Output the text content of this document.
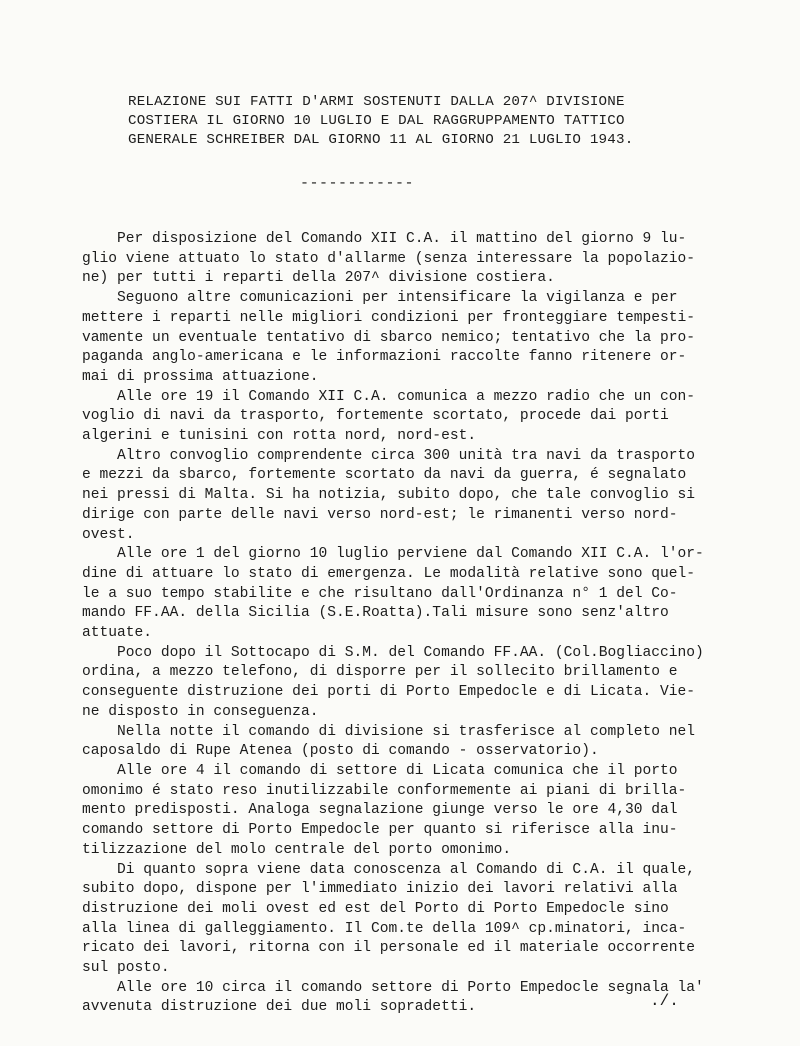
RELAZIONE SUI FATTI D'ARMI SOSTENUTI DALLA 207^ DIVISIONE
COSTIERA IL GIORNO 10 LUGLIO E DAL RAGGRUPPAMENTO TATTICO
GENERALE SCHREIBER DAL GIORNO 11 AL GIORNO 21 LUGLIO 1943.
------------
Per disposizione del Comando XII C.A. il mattino del giorno 9 lu-
glio viene attuato lo stato d'allarme (senza interessare la popolazio-
ne) per tutti i reparti della 207^ divisione costiera.
Seguono altre comunicazioni per intensificare la vigilanza e per
mettere i reparti nelle migliori condizioni per fronteggiare tempesti-
vamente un eventuale tentativo di sbarco nemico; tentativo che la pro-
paganda anglo-americana e le informazioni raccolte fanno ritenere or-
mai di prossima attuazione.
Alle ore 19 il Comando XII C.A. comunica a mezzo radio che un con-
voglio di navi da trasporto, fortemente scortato, procede dai porti
algerini e tunisini con rotta nord, nord-est.
Altro convoglio comprendente circa 300 unità tra navi da trasporto
e mezzi da sbarco, fortemente scortato da navi da guerra, é segnalato
nei pressi di Malta. Si ha notizia, subito dopo, che tale convoglio si
dirige con parte delle navi verso nord-est; le rimanenti verso nord-
ovest.
Alle ore 1 del giorno 10 luglio perviene dal Comando XII C.A. l'or-
dine di attuare lo stato di emergenza. Le modalità relative sono quel-
le a suo tempo stabilite e che risultano dall'Ordinanza n° 1 del Co-
mando FF.AA. della Sicilia (S.E.Roatta).Tali misure sono senz'altro
attuate.
Poco dopo il Sottocapo di S.M. del Comando FF.AA. (Col.Bogliaccino)
ordina, a mezzo telefono, di disporre per il sollecito brillamento e
conseguente distruzione dei porti di Porto Empedocle e di Licata. Vie-
ne disposto in conseguenza.
Nella notte il comando di divisione si trasferisce al completo nel
caposaldo di Rupe Atenea (posto di comando - osservatorio).
Alle ore 4 il comando di settore di Licata comunica che il porto
omonimo é stato reso inutilizzabile conformemente ai piani di brilla-
mento predisposti. Analoga segnalazione giunge verso le ore 4,30 dal
comando settore di Porto Empedocle per quanto si riferisce alla inu-
tilizzazione del molo centrale del porto omonimo.
Di quanto sopra viene data conoscenza al Comando di C.A. il quale,
subito dopo, dispone per l'immediato inizio dei lavori relativi alla
distruzione dei moli ovest ed est del Porto di Porto Empedocle sino
alla linea di galleggiamento. Il Com.te della 109^ cp.minatori, inca-
ricato dei lavori, ritorna con il personale ed il materiale occorrente
sul posto.
Alle ore 10 circa il comando settore di Porto Empedocle segnala la'
avvenuta distruzione dei due moli sopradetti.	./.
